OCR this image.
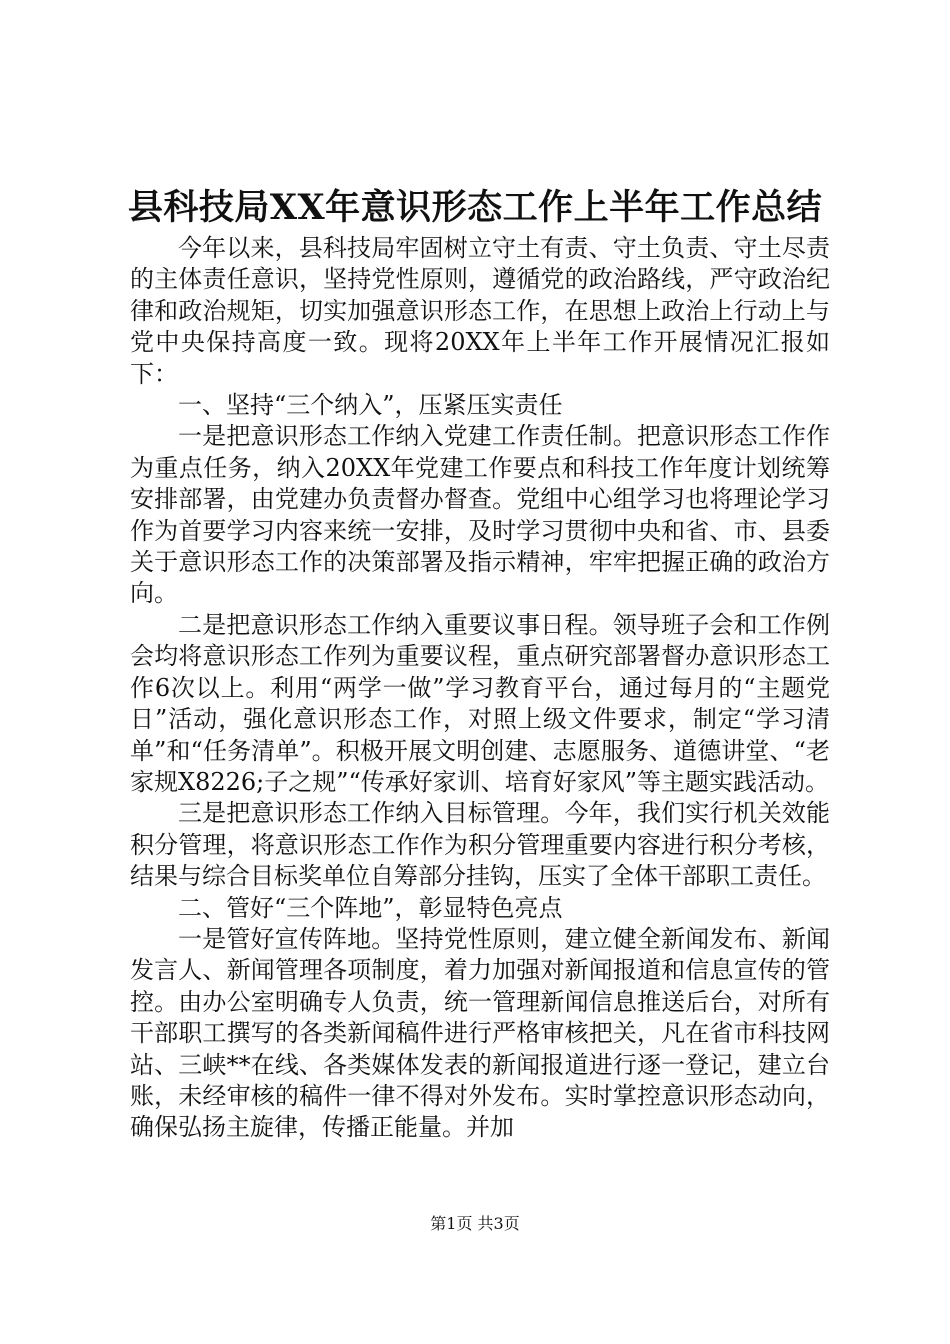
县科技局XX年意识形态工作上半年工作总结

今年以来，县科技局牢固树立守土有责、守土负责、守土尽责的主体责任意识，坚持党性原则，遵循党的政治路线，严守政治纪律和政治规矩，切实加强意识形态工作，在思想上政治上行动上与党中央保持高度一致。现将20XX年上半年工作开展情况汇报如下：

一、坚持“三个纳入”，压紧压实责任

一是把意识形态工作纳入党建工作责任制。把意识形态工作作为重点任务，纳入20XX年党建工作要点和科技工作年度计划统筹安排部署，由党建办负责督办督查。党组中心组学习也将理论学习作为首要学习内容来统一安排，及时学习贯彻中央和省、市、县委关于意识形态工作的决策部署及指示精神，牢牢把握正确的政治方向。

二是把意识形态工作纳入重要议事日程。领导班子会和工作例会均将意识形态工作列为重要议程，重点研究部署督办意识形态工作6次以上。利用“两学一做”学习教育平台，通过每月的“主题党日”活动，强化意识形态工作，对照上级文件要求，制定“学习清单”和“任务清单”。积极开展文明创建、志愿服务、道德讲堂、“老家规X8226;子之规”“传承好家训、培育好家风”等主题实践活动。

三是把意识形态工作纳入目标管理。今年，我们实行机关效能积分管理，将意识形态工作作为积分管理重要内容进行积分考核，结果与综合目标奖单位自筹部分挂钩，压实了全体干部职工责任。

二、管好“三个阵地”，彰显特色亮点

一是管好宣传阵地。坚持党性原则，建立健全新闻发布、新闻发言人、新闻管理各项制度，着力加强对新闻报道和信息宣传的管控。由办公室明确专人负责，统一管理新闻信息推送后台，对所有干部职工撰写的各类新闻稿件进行严格审核把关，凡在省市科技网站、三峡**在线、各类媒体发表的新闻报道进行逐一登记，建立台账，未经审核的稿件一律不得对外发布。实时掌控意识形态动向，确保弘扬主旋律，传播正能量。并加

第1页 共3页
